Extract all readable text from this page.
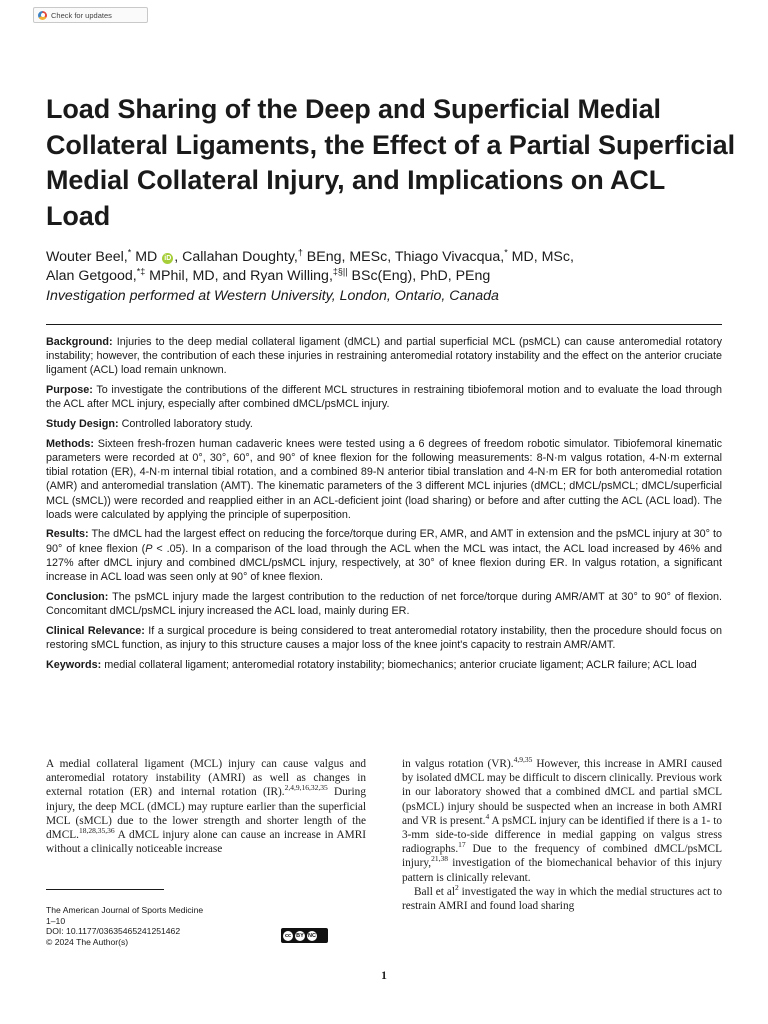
Check for updates
Load Sharing of the Deep and Superficial Medial Collateral Ligaments, the Effect of a Partial Superficial Medial Collateral Injury, and Implications on ACL Load
Wouter Beel,* MD iD , Callahan Doughty,† BEng, MESc, Thiago Vivacqua,* MD, MSc,
Alan Getgood,*‡ MPhil, MD, and Ryan Willing,‡§|| BSc(Eng), PhD, PEng
Investigation performed at Western University, London, Ontario, Canada

Background: Injuries to the deep medial collateral ligament (dMCL) and partial superficial MCL (psMCL) can cause anteromedial rotatory instability; however, the contribution of each these injuries in restraining anteromedial rotatory instability and the effect on the anterior cruciate ligament (ACL) load remain unknown.

Purpose: To investigate the contributions of the different MCL structures in restraining tibiofemoral motion and to evaluate the load through the ACL after MCL injury, especially after combined dMCL/psMCL injury.

Study Design: Controlled laboratory study.

Methods: Sixteen fresh-frozen human cadaveric knees were tested using a 6 degrees of freedom robotic simulator. Tibiofemoral kinematic parameters were recorded at 0°, 30°, 60°, and 90° of knee flexion for the following measurements: 8-N·m valgus rotation, 4-N·m external tibial rotation (ER), 4-N·m internal tibial rotation, and a combined 89-N anterior tibial translation and 4-N·m ER for both anteromedial rotation (AMR) and anteromedial translation (AMT). The kinematic parameters of the 3 different MCL injuries (dMCL; dMCL/psMCL; dMCL/superficial MCL (sMCL)) were recorded and reapplied either in an ACL-deficient joint (load sharing) or before and after cutting the ACL (ACL load). The loads were calculated by applying the principle of superposition.

Results: The dMCL had the largest effect on reducing the force/torque during ER, AMR, and AMT in extension and the psMCL injury at 30° to 90° of knee flexion (P < .05). In a comparison of the load through the ACL when the MCL was intact, the ACL load increased by 46% and 127% after dMCL injury and combined dMCL/psMCL injury, respectively, at 30° of knee flexion during ER. In valgus rotation, a significant increase in ACL load was seen only at 90° of knee flexion.

Conclusion: The psMCL injury made the largest contribution to the reduction of net force/torque during AMR/AMT at 30° to 90° of flexion. Concomitant dMCL/psMCL injury increased the ACL load, mainly during ER.

Clinical Relevance: If a surgical procedure is being considered to treat anteromedial rotatory instability, then the procedure should focus on restoring sMCL function, as injury to this structure causes a major loss of the knee joint's capacity to restrain AMR/AMT.

Keywords: medial collateral ligament; anteromedial rotatory instability; biomechanics; anterior cruciate ligament; ACLR failure; ACL load

A medial collateral ligament (MCL) injury can cause valgus and anteromedial rotatory instability (AMRI) as well as changes in external rotation (ER) and internal rotation (IR).$^{2,4,9,16,32,35}$ During injury, the deep MCL (dMCL) may rupture earlier than the superficial MCL (sMCL) due to the lower strength and shorter length of the dMCL.$^{18,28,35,36}$ A dMCL injury alone can cause an increase in AMRI without a clinically noticeable increase

in valgus rotation (VR).$^{4,9,35}$ However, this increase in AMRI caused by isolated dMCL may be difficult to discern clinically. Previous work in our laboratory showed that a combined dMCL and partial sMCL (psMCL) injury should be suspected when an increase in both AMRI and VR is present.$^4$ A psMCL injury can be identified if there is a 1- to 3-mm side-to-side difference in medial gapping on valgus stress radiographs.$^{17}$ Due to the frequency of combined dMCL/psMCL injury,$^{21,38}$ investigation of the biomechanical behavior of this injury pattern is clinically relevant.

Ball et $al^2$ investigated the way in which the medial structures act to restrain AMRI and found load sharing

The American Journal of Sports Medicine
1–10
DOI: 10.1177/03635465241251462
© 2024 The Author(s)
cc BY NC
1
